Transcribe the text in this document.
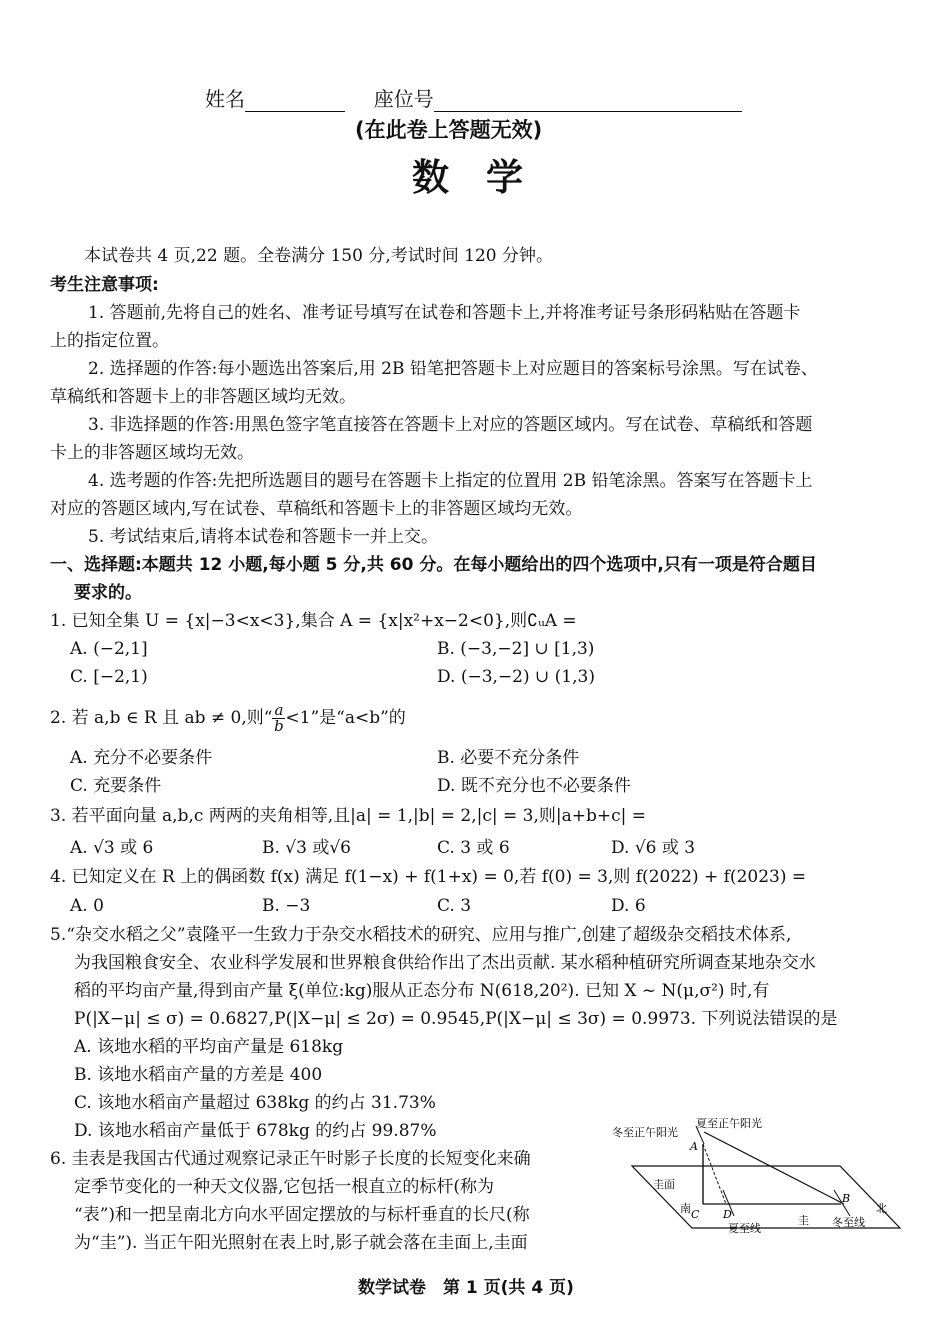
姓名	座位号
(在此卷上答题无效)
数　学
本试卷共 4 页,22 题。全卷满分 150 分,考试时间 120 分钟。
考生注意事项:
1. 答题前,先将自己的姓名、准考证号填写在试卷和答题卡上,并将准考证号条形码粘贴在答题卡
上的指定位置。
2. 选择题的作答:每小题选出答案后,用 2B 铅笔把答题卡上对应题目的答案标号涂黑。写在试卷、
草稿纸和答题卡上的非答题区域均无效。
3. 非选择题的作答:用黑色签字笔直接答在答题卡上对应的答题区域内。写在试卷、草稿纸和答题
卡上的非答题区域均无效。
4. 选考题的作答:先把所选题目的题号在答题卡上指定的位置用 2B 铅笔涂黑。答案写在答题卡上
对应的答题区域内,写在试卷、草稿纸和答题卡上的非答题区域均无效。
5. 考试结束后,请将本试卷和答题卡一并上交。
一、选择题:本题共 12 小题,每小题 5 分,共 60 分。在每小题给出的四个选项中,只有一项是符合题目
要求的。
1. 已知全集 U = {x|−3<x<3},集合 A = {x|x²+x−2<0},则∁ᵤA =
A. (−2,1]	B. (−3,−2] ∪ [1,3)
C. [−2,1)	D. (−3,−2) ∪ (1,3)
2. 若 a,b ∈ R 且 ab ≠ 0,则“ $\frac{a}{b} <1$”是“a<b”的
A. 充分不必要条件	B. 必要不充分条件
C. 充要条件	D. 既不充分也不必要条件
3. 若平面向量 a,b,c 两两的夹角相等,且|a| = 1,|b| = 2,|c| = 3,则|a+b+c| =
A. √3 或 6	B. √3 或√6	C. 3 或 6	D. √6 或 3
4. 已知定义在 R 上的偶函数 f(x) 满足 f(1−x) + f(1+x) = 0,若 f(0) = 3,则 f(2022) + f(2023) =
A. 0	B. −3	C. 3	D. 6
5.“杂交水稻之父”袁隆平一生致力于杂交水稻技术的研究、应用与推广,创建了超级杂交稻技术体系,
为我国粮食安全、农业科学发展和世界粮食供给作出了杰出贡献. 某水稻种植研究所调查某地杂交水
稻的平均亩产量,得到亩产量 ξ(单位:kg)服从正态分布 N(618,20²). 已知 X ~ N(μ,σ²) 时,有
P(|X−μ| ≤ σ) = 0.6827,P(|X−μ| ≤ 2σ) = 0.9545,P(|X−μ| ≤ 3σ) = 0.9973. 下列说法错误的是
A. 该地水稻的平均亩产量是 618kg
B. 该地水稻亩产量的方差是 400
C. 该地水稻亩产量超过 638kg 的约占 31.73%
D. 该地水稻亩产量低于 678kg 的约占 99.87%
6. 圭表是我国古代通过观察记录正午时影子长度的长短变化来确
定季节变化的一种天文仪器,它包括一根直立的标杆(称为
“表”)和一把呈南北方向水平固定摆放的与标杆垂直的长尺(称
为“圭”). 当正午阳光照射在表上时,影子就会落在圭面上,圭面
冬至正午阳光
夏至正午阳光
圭面
南	北
圭
夏至线	冬至线
A
B
C D
数学试卷　第 1 页(共 4 页)
